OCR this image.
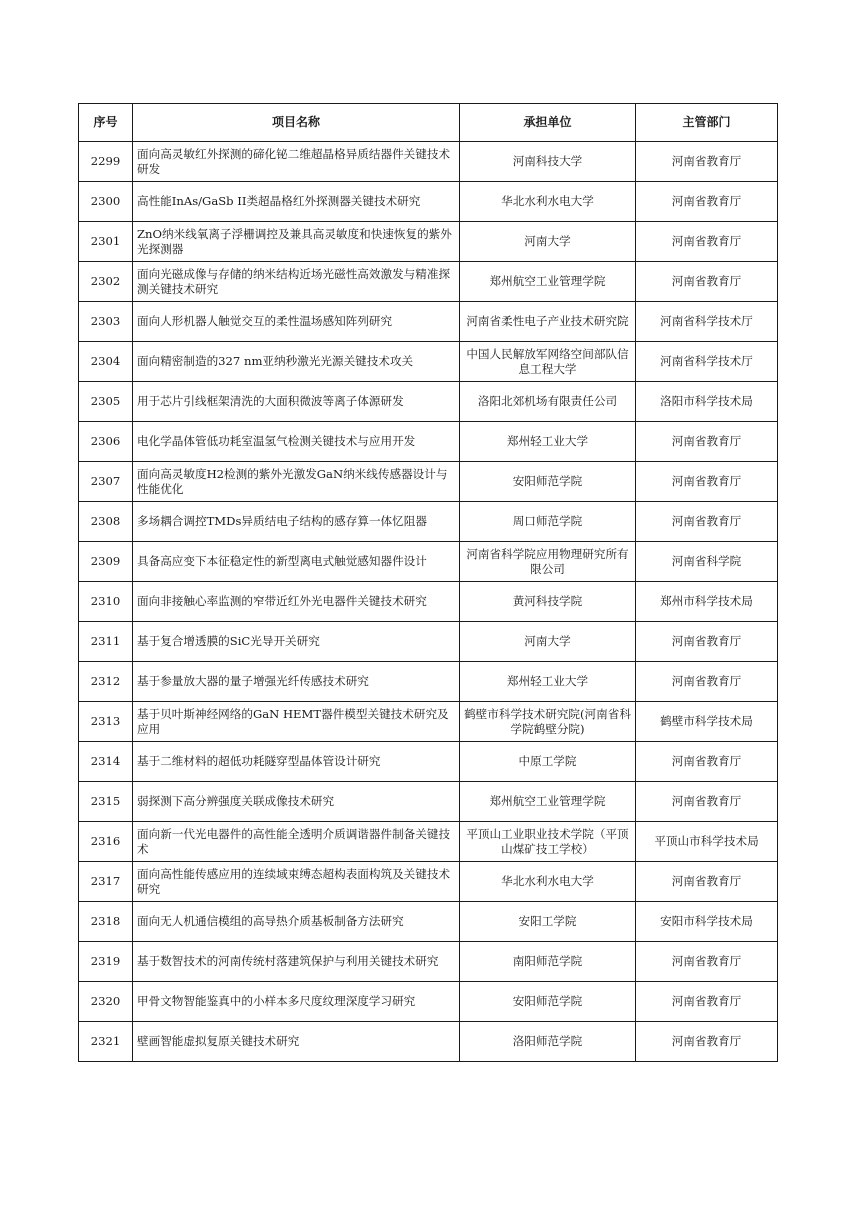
序号	项目名称	承担单位	主管部门
2299	面向高灵敏红外探测的碲化铋二维超晶格异质结器件关键技术研发	河南科技大学	河南省教育厅
2300	高性能InAs/GaSb II类超晶格红外探测器关键技术研究	华北水利水电大学	河南省教育厅
2301	ZnO纳米线氧离子浮栅调控及兼具高灵敏度和快速恢复的紫外光探测器	河南大学	河南省教育厅
2302	面向光磁成像与存储的纳米结构近场光磁性高效激发与精准探测关键技术研究	郑州航空工业管理学院	河南省教育厅
2303	面向人形机器人触觉交互的柔性温场感知阵列研究	河南省柔性电子产业技术研究院	河南省科学技术厅
2304	面向精密制造的327 nm亚纳秒激光光源关键技术攻关	中国人民解放军网络空间部队信息工程大学	河南省科学技术厅
2305	用于芯片引线框架清洗的大面积微波等离子体源研发	洛阳北郊机场有限责任公司	洛阳市科学技术局
2306	电化学晶体管低功耗室温氢气检测关键技术与应用开发	郑州轻工业大学	河南省教育厅
2307	面向高灵敏度H2检测的紫外光激发GaN纳米线传感器设计与性能优化	安阳师范学院	河南省教育厅
2308	多场耦合调控TMDs异质结电子结构的感存算一体忆阻器	周口师范学院	河南省教育厅
2309	具备高应变下本征稳定性的新型离电式触觉感知器件设计	河南省科学院应用物理研究所有限公司	河南省科学院
2310	面向非接触心率监测的窄带近红外光电器件关键技术研究	黄河科技学院	郑州市科学技术局
2311	基于复合增透膜的SiC光导开关研究	河南大学	河南省教育厅
2312	基于参量放大器的量子增强光纤传感技术研究	郑州轻工业大学	河南省教育厅
2313	基于贝叶斯神经网络的GaN HEMT器件模型关键技术研究及应用	鹤壁市科学技术研究院(河南省科学院鹤壁分院)	鹤壁市科学技术局
2314	基于二维材料的超低功耗隧穿型晶体管设计研究	中原工学院	河南省教育厅
2315	弱探测下高分辨强度关联成像技术研究	郑州航空工业管理学院	河南省教育厅
2316	面向新一代光电器件的高性能全透明介质调谐器件制备关键技术	平顶山工业职业技术学院（平顶山煤矿技工学校）	平顶山市科学技术局
2317	面向高性能传感应用的连续域束缚态超构表面构筑及关键技术研究	华北水利水电大学	河南省教育厅
2318	面向无人机通信模组的高导热介质基板制备方法研究	安阳工学院	安阳市科学技术局
2319	基于数智技术的河南传统村落建筑保护与利用关键技术研究	南阳师范学院	河南省教育厅
2320	甲骨文物智能鉴真中的小样本多尺度纹理深度学习研究	安阳师范学院	河南省教育厅
2321	壁画智能虚拟复原关键技术研究	洛阳师范学院	河南省教育厅
